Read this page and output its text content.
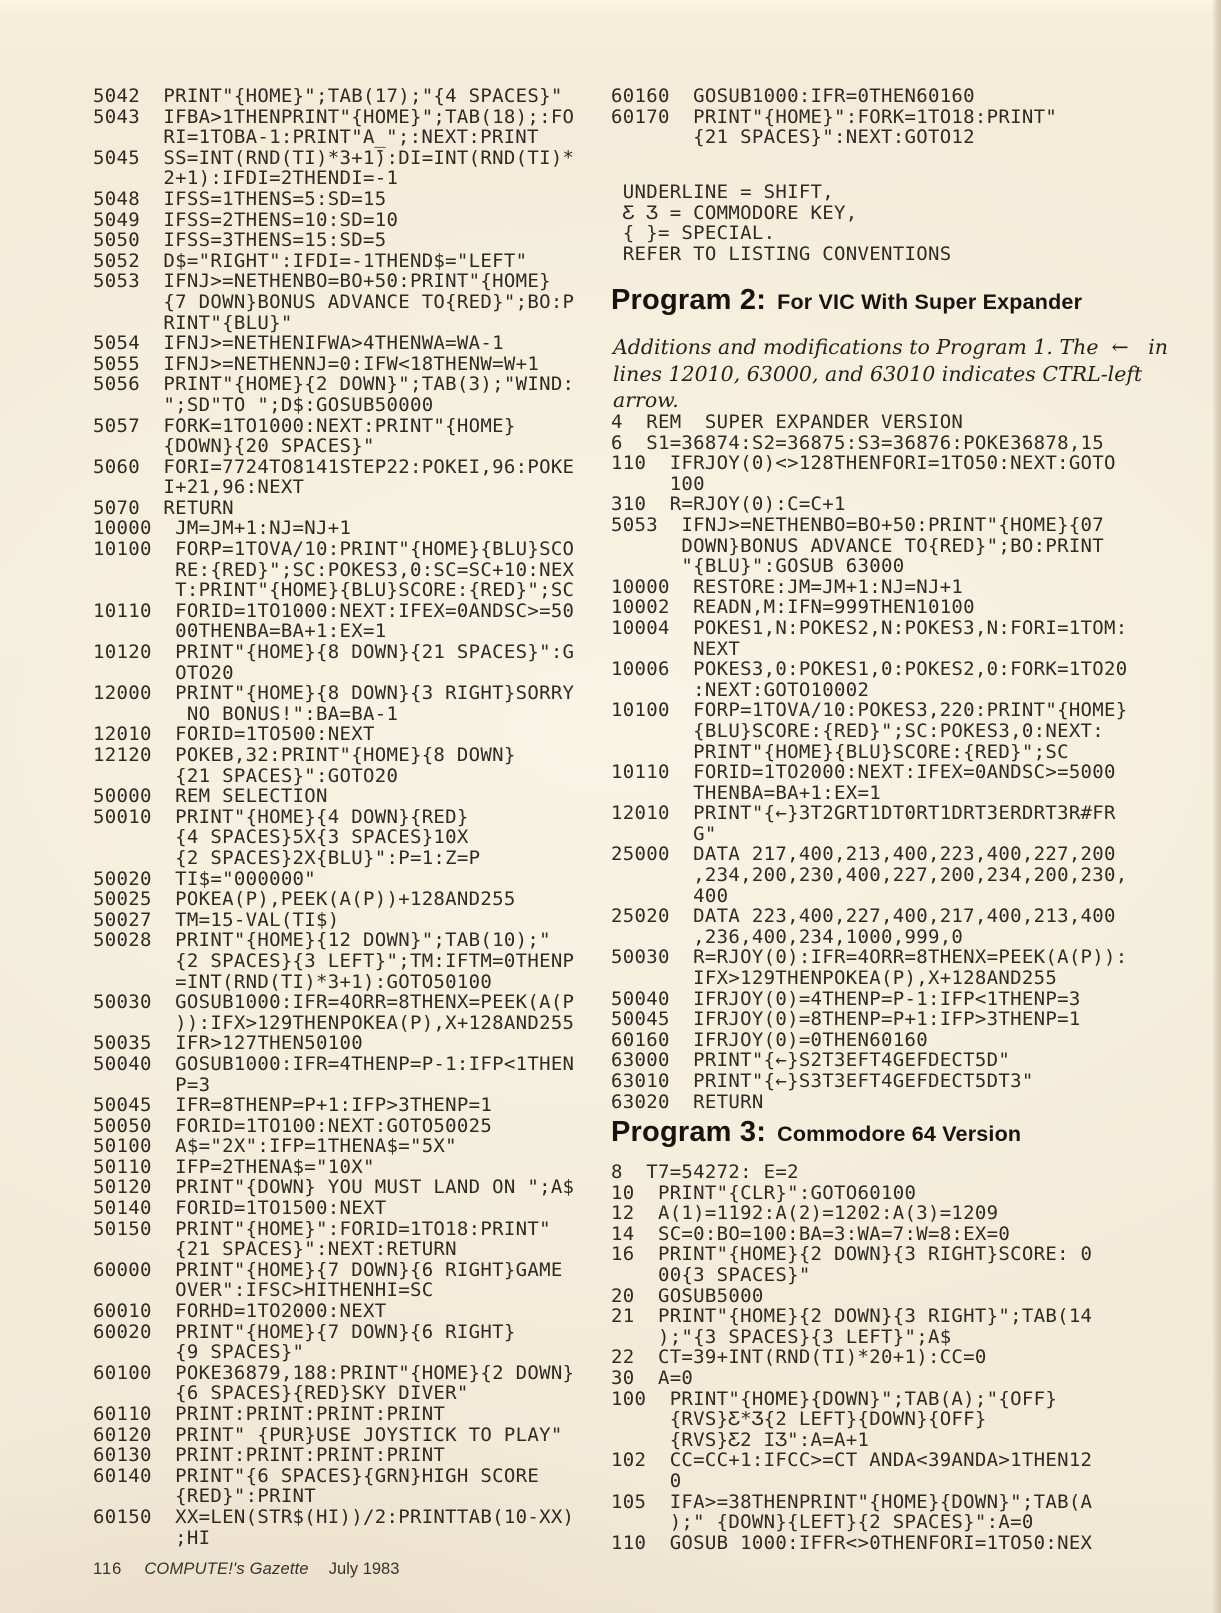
5042  PRINT"{HOME}";TAB(17);"{4 SPACES}"
5043  IFBA>1THENPRINT"{HOME}";TAB(18);:FO
RI=1TOBA-1:PRINT"A̲";:NEXT:PRINT
5045  SS=INT(RND(TI)*3+1̄):DI=INT(RND(TI)*
2+1):IFDI=2THENDI=-1
5048  IFSS=1THENS=5:SD=15
5049  IFSS=2THENS=10:SD=10
5050  IFSS=3THENS=15:SD=5
5052  D$="RIGHT":IFDI=-1THEND$="LEFT"
5053  IFNJ>=NETHENBO=BO+50:PRINT"{HOME}
{7 DOWN}BONUS ADVANCE TO{RED}";BO:P
RINT"{BLU}"
5054  IFNJ>=NETHENIFWA>4THENWA=WA-1
5055  IFNJ>=NETHENNJ=0:IFW<18THENW=W+1
5056  PRINT"{HOME}{2 DOWN}";TAB(3);"WIND:
";SD"TO ";D$:GOSUB50000
5057  FORK=1TO1000:NEXT:PRINT"{HOME}
{DOWN}{20 SPACES}"
5060  FORI=7724TO8141STEP22:POKEI,96:POKE
I+21,96:NEXT
5070  RETURN
10000  JM=JM+1:NJ=NJ+1
10100  FORP=1TOVA/10:PRINT"{HOME}{BLU}SCO
RE:{RED}";SC:POKES3,0:SC=SC+10:NEX
T:PRINT"{HOME}{BLU}SCORE:{RED}";SC
10110  FORID=1TO1000:NEXT:IFEX=0ANDSC>=50
00THENBA=BA+1:EX=1
10120  PRINT"{HOME}{8 DOWN}{21 SPACES}":G
OTO20
12000  PRINT"{HOME}{8 DOWN}{3 RIGHT}SORRY
NO BONUS!":BA=BA-1
12010  FORID=1TO500:NEXT
12120  POKEB,32:PRINT"{HOME}{8 DOWN}
{21 SPACES}":GOTO20
50000  REM SELECTION
50010  PRINT"{HOME}{4 DOWN}{RED}
{4 SPACES}5X{3 SPACES}10X
{2 SPACES}2X{BLU}":P=1:Z=P
50020  TI$="000000"
50025  POKEA(P),PEEK(A(P))+128AND255
50027  TM=15-VAL(TI$)
50028  PRINT"{HOME}{12 DOWN}";TAB(10);"
{2 SPACES}{3 LEFT}";TM:IFTM=0THENP
=INT(RND(TI)*3+1):GOTO50100
50030  GOSUB1000:IFR=4ORR=8THENX=PEEK(A(P
)):IFX>129THENPOKEA(P),X+128AND255
50035  IFR>127THEN50100
50040  GOSUB1000:IFR=4THENP=P-1:IFP<1THEN
P=3
50045  IFR=8THENP=P+1:IFP>3THENP=1
50050  FORID=1TO100:NEXT:GOTO50025
50100  A$="2X":IFP=1THENA$="5X"
50110  IFP=2THENA$="10X"
50120  PRINT"{DOWN} YOU MUST LAND ON ";A$
50140  FORID=1TO1500:NEXT
50150  PRINT"{HOME}":FORID=1TO18:PRINT"
{21 SPACES}":NEXT:RETURN
60000  PRINT"{HOME}{7 DOWN}{6 RIGHT}GAME
OVER":IFSC>HITHENHI=SC
60010  FORHD=1TO2000:NEXT
60020  PRINT"{HOME}{7 DOWN}{6 RIGHT}
{9 SPACES}"
60100  POKE36879,188:PRINT"{HOME}{2 DOWN}
{6 SPACES}{RED}SKY DIVER"
60110  PRINT:PRINT:PRINT:PRINT
60120  PRINT" {PUR}USE JOYSTICK TO PLAY"
60130  PRINT:PRINT:PRINT:PRINT
60140  PRINT"{6 SPACES}{GRN}HIGH SCORE
{RED}":PRINT
60150  XX=LEN(STR$(HI))/2:PRINTTAB(10-XX)
;HI
60160  GOSUB1000:IFR=0THEN60160
60170  PRINT"{HOME}":FORK=1TO18:PRINT"
{21 SPACES}":NEXT:GOTO12
UNDERLINE = SHIFT,
Ƹ Ʒ = COMMODORE KEY,
{ }= SPECIAL.
REFER TO LISTING CONVENTIONS
Program 2: For VIC With Super Expander
Additions and modifications to Program 1. The  ←   in
lines 12010, 63000, and 63010 indicates CTRL-left
arrow.
4  REM  SUPER EXPANDER VERSION
6  S1=36874:S2=36875:S3=36876:POKE36878,15
110  IFRJOY(0)<>128THENFORI=1TO50:NEXT:GOTO
100
310  R=RJOY(0):C=C+1
5053  IFNJ>=NETHENBO=BO+50:PRINT"{HOME}{07
DOWN}BONUS ADVANCE TO{RED}";BO:PRINT
"{BLU}":GOSUB 63000
10000  RESTORE:JM=JM+1:NJ=NJ+1
10002  READN,M:IFN=999THEN10100
10004  POKES1,N:POKES2,N:POKES3,N:FORI=1TOM:
NEXT
10006  POKES3,0:POKES1,0:POKES2,0:FORK=1TO20
:NEXT:GOTO10002
10100  FORP=1TOVA/10:POKES3,220:PRINT"{HOME}
{BLU}SCORE:{RED}";SC:POKES3,0:NEXT:
PRINT"{HOME}{BLU}SCORE:{RED}";SC
10110  FORID=1TO2000:NEXT:IFEX=0ANDSC>=5000
THENBA=BA+1:EX=1
12010  PRINT"{←}3T2GRT1DT0RT1DRT3ERDRT3R#FR
G"
25000  DATA 217,400,213,400,223,400,227,200
,234,200,230,400,227,200,234,200,230,
400
25020  DATA 223,400,227,400,217,400,213,400
,236,400,234,1000,999,0
50030  R=RJOY(0):IFR=4ORR=8THENX=PEEK(A(P)):
IFX>129THENPOKEA(P),X+128AND255
50040  IFRJOY(0)=4THENP=P-1:IFP<1THENP=3
50045  IFRJOY(0)=8THENP=P+1:IFP>3THENP=1
60160  IFRJOY(0)=0THEN60160
63000  PRINT"{←}S2T3EFT4GEFDECT5D"
63010  PRINT"{←}S3T3EFT4GEFDECT5DT3"
63020  RETURN
Program 3: Commodore 64 Version
8  T7=54272: E=2
10  PRINT"{CLR}":GOTO60100
12  A(1)=1192:A(2)=1202:A(3)=1209
14  SC=0:BO=100:BA=3:WA=7:W=8:EX=0
16  PRINT"{HOME}{2 DOWN}{3 RIGHT}SCORE: 0
00{3 SPACES}"
20  GOSUB5000
21  PRINT"{HOME}{2 DOWN}{3 RIGHT}";TAB(14
);"{3 SPACES}{3 LEFT}";A$
22  CT=39+INT(RND(TI)*20+1):CC=0
30  A=0
100  PRINT"{HOME}{DOWN}";TAB(A);"{OFF}
{RVS}Ƹ*Ʒ{2 LEFT}{DOWN}{OFF}
{RVS}Ƹ2 IƷ":A=A+1
102  CC=CC+1:IFCC>=CT ANDA<39ANDA>1THEN12
0
105  IFA>=38THENPRINT"{HOME}{DOWN}";TAB(A
);" {DOWN}{LEFT}{2 SPACES}":A=0
110  GOSUB 1000:IFFR<>0THENFORI=1TO50:NEX
116 COMPUTE!'s Gazette July 1983
